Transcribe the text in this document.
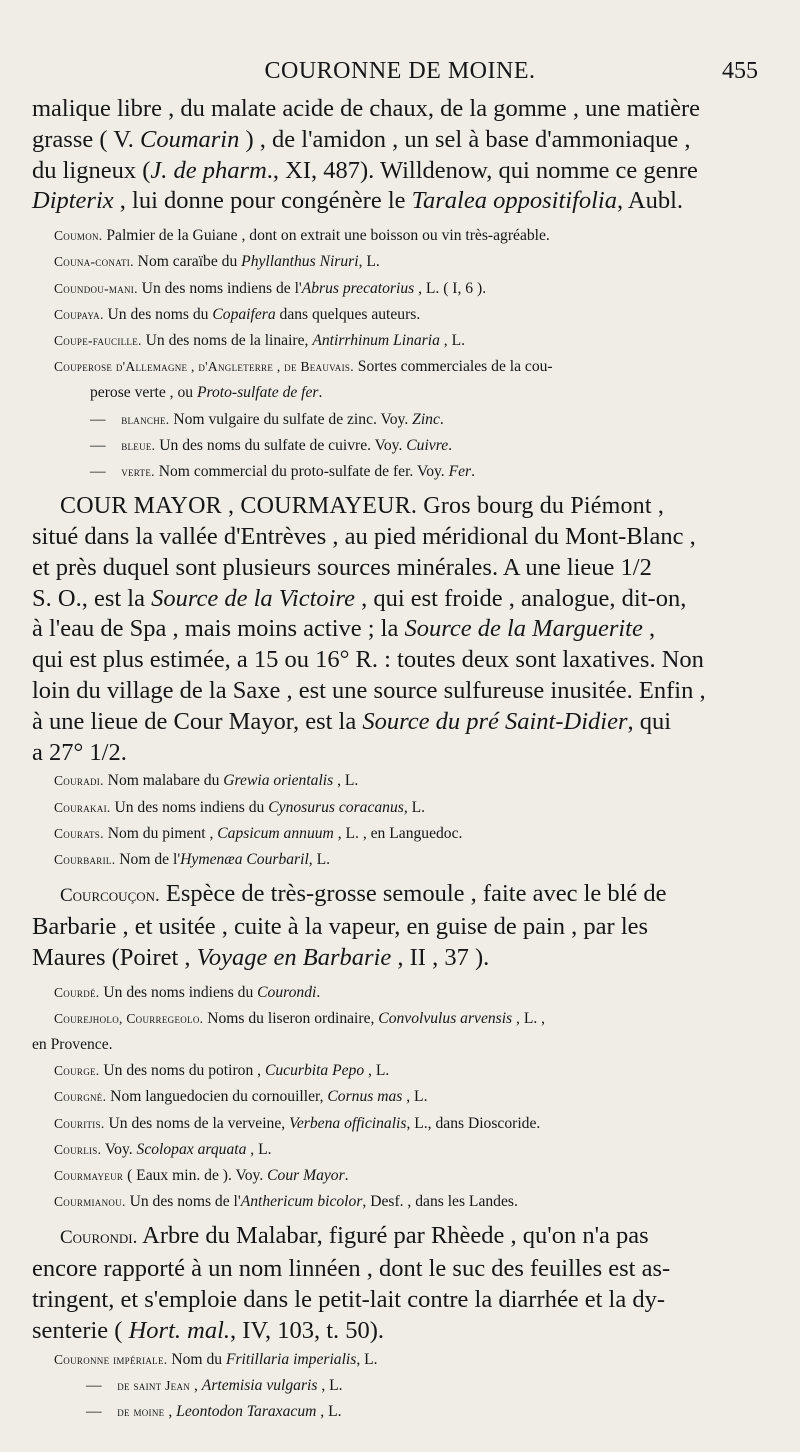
COURONNE DE MOINE.	455

malique libre , du malate acide de chaux, de la gomme , une matière

grasse ( V. Coumarin ) , de l'amidon , un sel à base d'ammoniaque ,

du ligneux (J. de pharm., XI, 487). Willdenow, qui nomme ce genre

Dipterix , lui donne pour congénère le Taralea oppositifolia, Aubl.

Coumon. Palmier de la Guiane , dont on extrait une boisson ou vin très-agréable.

Couna-conati. Nom caraïbe du Phyllanthus Niruri, L.

Coundou-mani. Un des noms indiens de l'Abrus precatorius , L. ( I, 6 ).

Coupaya. Un des noms du Copaifera dans quelques auteurs.

Coupe-faucille. Un des noms de la linaire, Antirrhinum Linaria , L.

Couperose d'Allemagne , d'Angleterre , de Beauvais. Sortes commerciales de la cou-

perose verte , ou Proto-sulfate de fer.

— blanche. Nom vulgaire du sulfate de zinc. Voy. Zinc.

— bleue. Un des noms du sulfate de cuivre. Voy. Cuivre.

— verte. Nom commercial du proto-sulfate de fer. Voy. Fer.

COUR MAYOR , COURMAYEUR. Gros bourg du Piémont ,

situé dans la vallée d'Entrèves , au pied méridional du Mont-Blanc ,

et près duquel sont plusieurs sources minérales. A une lieue 1/2

S. O., est la Source de la Victoire , qui est froide , analogue, dit-on,

à l'eau de Spa , mais moins active ; la Source de la Marguerite ,

qui est plus estimée, a 15 ou 16° R. : toutes deux sont laxatives. Non

loin du village de la Saxe , est une source sulfureuse inusitée. Enfin ,

à une lieue de Cour Mayor, est la Source du pré Saint-Didier, qui

a 27° 1/2.

Couradi. Nom malabare du Grewia orientalis , L.

Courakai. Un des noms indiens du Cynosurus coracanus, L.

Courats. Nom du piment , Capsicum annuum , L. , en Languedoc.

Courbaril. Nom de l'Hymenæa Courbaril, L.

Courcouçon. Espèce de très-grosse semoule , faite avec le blé de

Barbarie , et usitée , cuite à la vapeur, en guise de pain , par les

Maures (Poiret , Voyage en Barbarie , II , 37 ).

Courdé. Un des noms indiens du Courondi.

Courejholo, Courregeolo. Noms du liseron ordinaire, Convolvulus arvensis , L. ,

en Provence.

Courge. Un des noms du potiron , Cucurbita Pepo , L.

Courgné. Nom languedocien du cornouiller, Cornus mas , L.

Couritis. Un des noms de la verveine, Verbena officinalis, L., dans Dioscoride.

Courlis. Voy. Scolopax arquata , L.

Courmayeur ( Eaux min. de ). Voy. Cour Mayor.

Courmianou. Un des noms de l'Anthericum bicolor, Desf. , dans les Landes.

Courondi. Arbre du Malabar, figuré par Rhèede , qu'on n'a pas

encore rapporté à un nom linnéen , dont le suc des feuilles est as-

tringent, et s'emploie dans le petit-lait contre la diarrhée et la dy-

senterie ( Hort. mal., IV, 103, t. 50).

Couronne impériale. Nom du Fritillaria imperialis, L.

— de saint Jean , Artemisia vulgaris , L.

— de moine , Leontodon Taraxacum , L.
